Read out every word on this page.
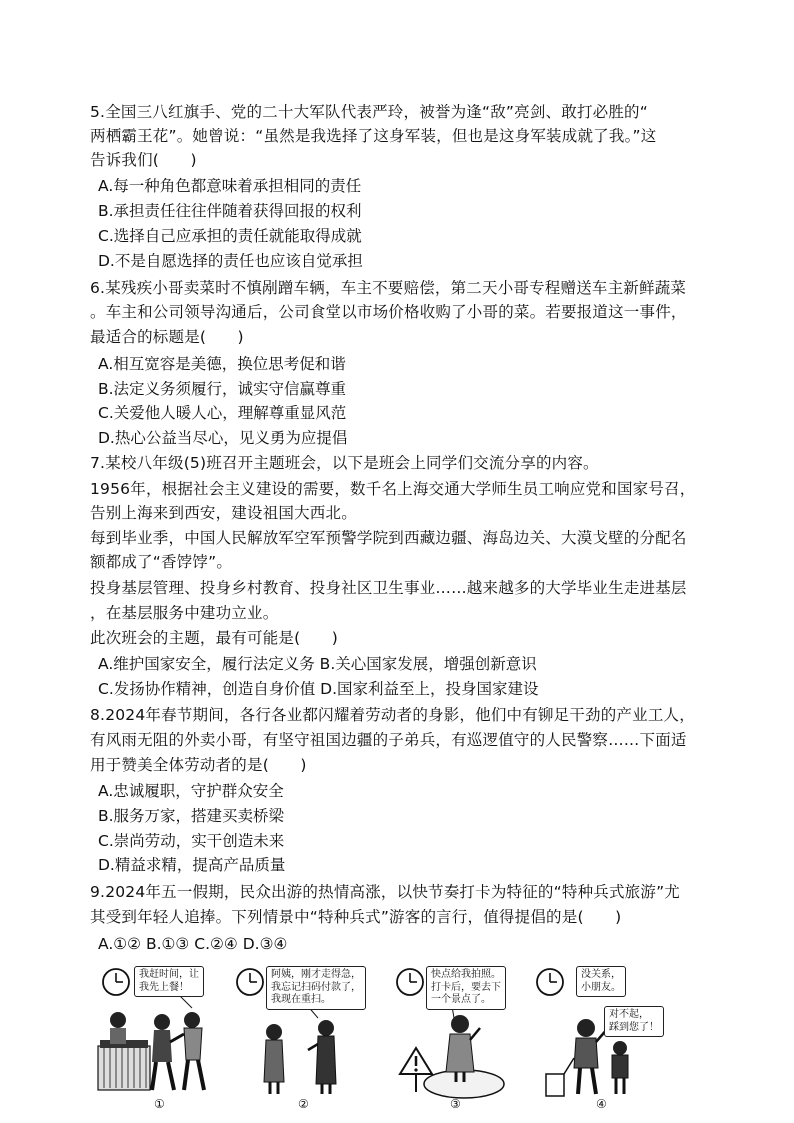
5.全国三八红旗手、党的二十大军队代表严玲，被誉为逢“敌”亮剑、敢打必胜的“
两栖霸王花”。她曾说：“虽然是我选择了这身军装，但也是这身军装成就了我。”这
告诉我们(　　)
A.每一种角色都意味着承担相同的责任
B.承担责任往往伴随着获得回报的权利
C.选择自己应承担的责任就能取得成就
D.不是自愿选择的责任也应该自觉承担
6.某残疾小哥卖菜时不慎剐蹭车辆，车主不要赔偿，第二天小哥专程赠送车主新鲜蔬菜
。车主和公司领导沟通后，公司食堂以市场价格收购了小哥的菜。若要报道这一事件，
最适合的标题是(　　)
A.相互宽容是美德，换位思考促和谐
B.法定义务须履行，诚实守信赢尊重
C.关爱他人暖人心，理解尊重显风范
D.热心公益当尽心，见义勇为应提倡
7.某校八年级(5)班召开主题班会，以下是班会上同学们交流分享的内容。
1956年，根据社会主义建设的需要，数千名上海交通大学师生员工响应党和国家号召，
告别上海来到西安，建设祖国大西北。
每到毕业季，中国人民解放军空军预警学院到西藏边疆、海岛边关、大漠戈壁的分配名
额都成了“香饽饽”。
投身基层管理、投身乡村教育、投身社区卫生事业……越来越多的大学毕业生走进基层
，在基层服务中建功立业。
此次班会的主题，最有可能是(　　)
A.维护国家安全，履行法定义务 B.关心国家发展，增强创新意识
C.发扬协作精神，创造自身价值 D.国家利益至上，投身国家建设
8.2024年春节期间，各行各业都闪耀着劳动者的身影，他们中有铆足干劲的产业工人，
有风雨无阻的外卖小哥，有坚守祖国边疆的子弟兵，有巡逻值守的人民警察……下面适
用于赞美全体劳动者的是(　　)
A.忠诚履职，守护群众安全
B.服务万家，搭建买卖桥梁
C.崇尚劳动，实干创造未来
D.精益求精，提高产品质量
9.2024年五一假期，民众出游的热情高涨，以快节奏打卡为特征的“特种兵式旅游”尤
其受到年轻人追捧。下列情景中“特种兵式”游客的言行，值得提倡的是(　　)
A.①② B.①③ C.②④ D.③④
我赶时间，让
我先上餐！
①
阿姨，刚才走得急，
我忘记扫码付款了，
我现在重扫。
②
快点给我拍照。
打卡后，要去下
一个景点了。
③
没关系，
小朋友。
对不起，
踩到您了！
④
